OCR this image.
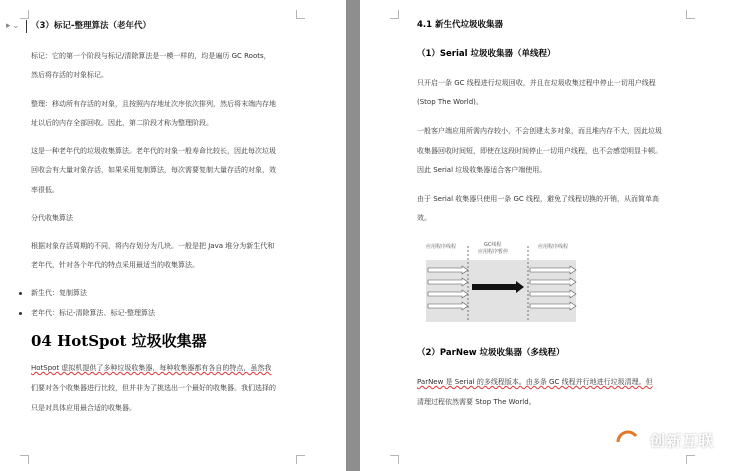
▸ ⌄ （3）标记-整理算法（老年代）
标记：它的第一个阶段与标记/清除算法是一模一样的，均是遍历 GC Roots，
然后将存活的对象标记。
整理：移动所有存活的对象，且按照内存地址次序依次排列，然后将末端内存地
址以后的内存全部回收。因此，第二阶段才称为整理阶段。
这是一种老年代的垃圾收集算法。老年代的对象一般寿命比较长，因此每次垃圾
回收会有大量对象存活，如果采用复制算法，每次需要复制大量存活的对象，效
率很低。
分代收集算法
根据对象存活周期的不同，将内存划分为几块。一般是把 Java 堆分为新生代和
老年代，针对各个年代的特点采用最适当的收集算法。
新生代：复制算法
老年代：标记-清除算法、标记-整理算法
04 HotSpot 垃圾收集器
HotSpot 虚拟机提供了多种垃圾收集器，每种收集器都有各自的特点，虽然我
们要对各个收集器进行比较，但并非为了挑选出一个最好的收集器。我们选择的
只是对具体应用最合适的收集器。
4.1 新生代垃圾收集器
（1）Serial 垃圾收集器（单线程）
只开启一条 GC 线程进行垃圾回收，并且在垃圾收集过程中停止一切用户线程
(Stop The World)。
一般客户端应用所需内存较小，不会创建太多对象，而且堆内存不大，因此垃圾
收集器回收时间短，即使在这段时间停止一切用户线程，也不会感觉明显卡顿。
因此 Serial 垃圾收集器适合客户端使用。
由于 Serial 收集器只使用一条 GC 线程，避免了线程切换的开销，从而简单高
效。
（2）ParNew 垃圾收集器（多线程）
ParNew 是 Serial 的多线程版本。由多条 GC 线程并行地进行垃圾清理。但
清理过程依然需要 Stop The World。
应用程序线程	GC线程
应用程序暂停
应用程序线程
创新互联
